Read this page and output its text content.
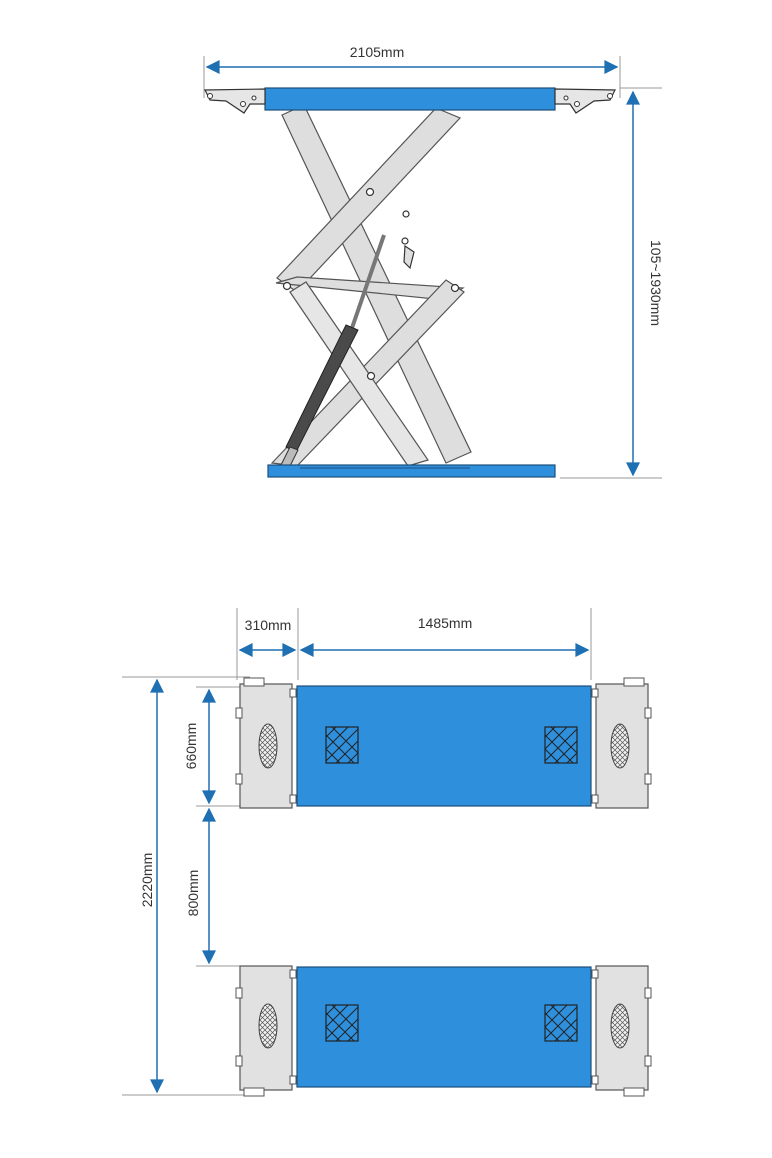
2105mm
105~1930mm
310mm	1485mm
2220mm
660mm
800mm
